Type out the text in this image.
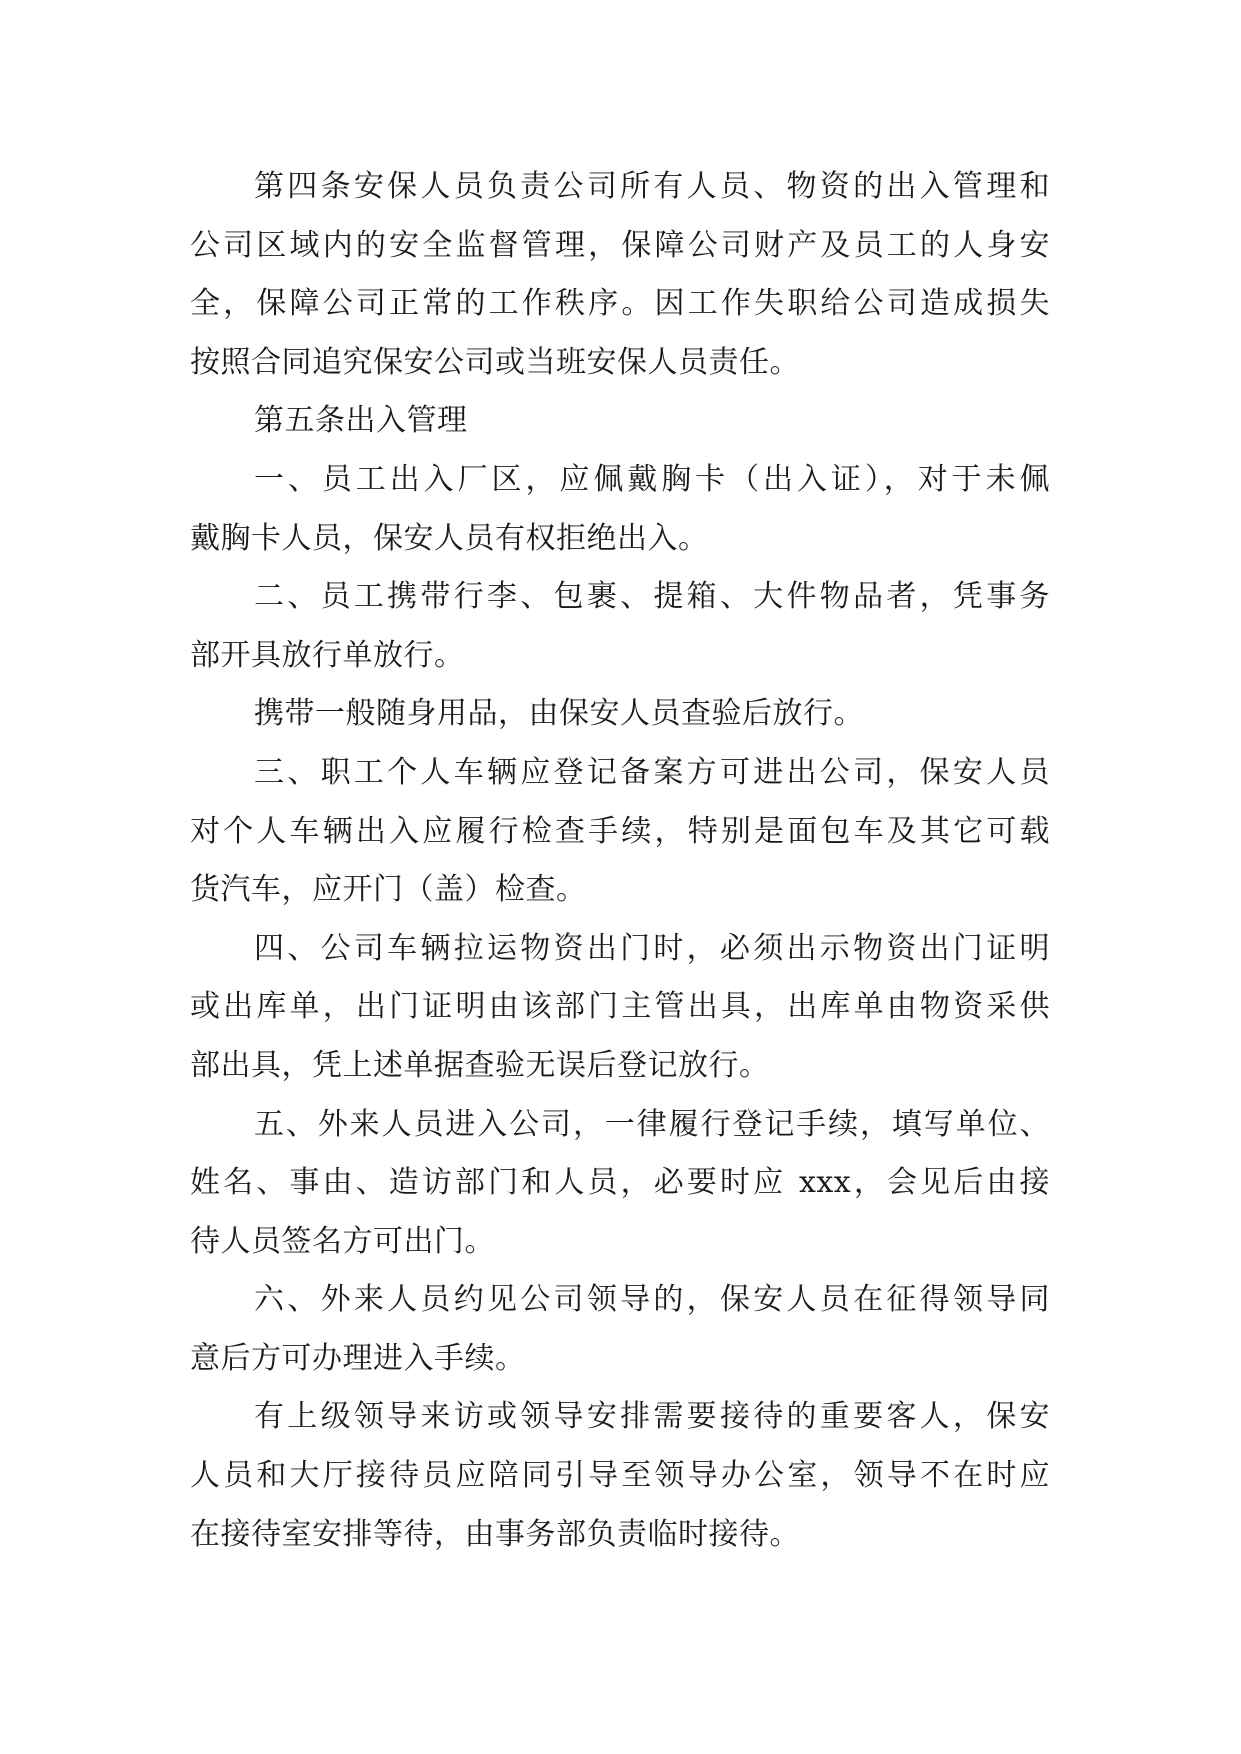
第四条安保人员负责公司所有人员、物资的出入管理和
公司区域内的安全监督管理，保障公司财产及员工的人身安
全，保障公司正常的工作秩序。因工作失职给公司造成损失
按照合同追究保安公司或当班安保人员责任。
第五条出入管理
一、员工出入厂区，应佩戴胸卡（出入证），对于未佩
戴胸卡人员，保安人员有权拒绝出入。
二、员工携带行李、包裹、提箱、大件物品者，凭事务
部开具放行单放行。
携带一般随身用品，由保安人员查验后放行。
三、职工个人车辆应登记备案方可进出公司，保安人员
对个人车辆出入应履行检查手续，特别是面包车及其它可载
货汽车，应开门（盖）检查。
四、公司车辆拉运物资出门时，必须出示物资出门证明
或出库单，出门证明由该部门主管出具，出库单由物资采供
部出具，凭上述单据查验无误后登记放行。
五、外来人员进入公司，一律履行登记手续，填写单位、
姓名、事由、造访部门和人员，必要时应 xxx，会见后由接
待人员签名方可出门。
六、外来人员约见公司领导的，保安人员在征得领导同
意后方可办理进入手续。
有上级领导来访或领导安排需要接待的重要客人，保安
人员和大厅接待员应陪同引导至领导办公室，领导不在时应
在接待室安排等待，由事务部负责临时接待。
